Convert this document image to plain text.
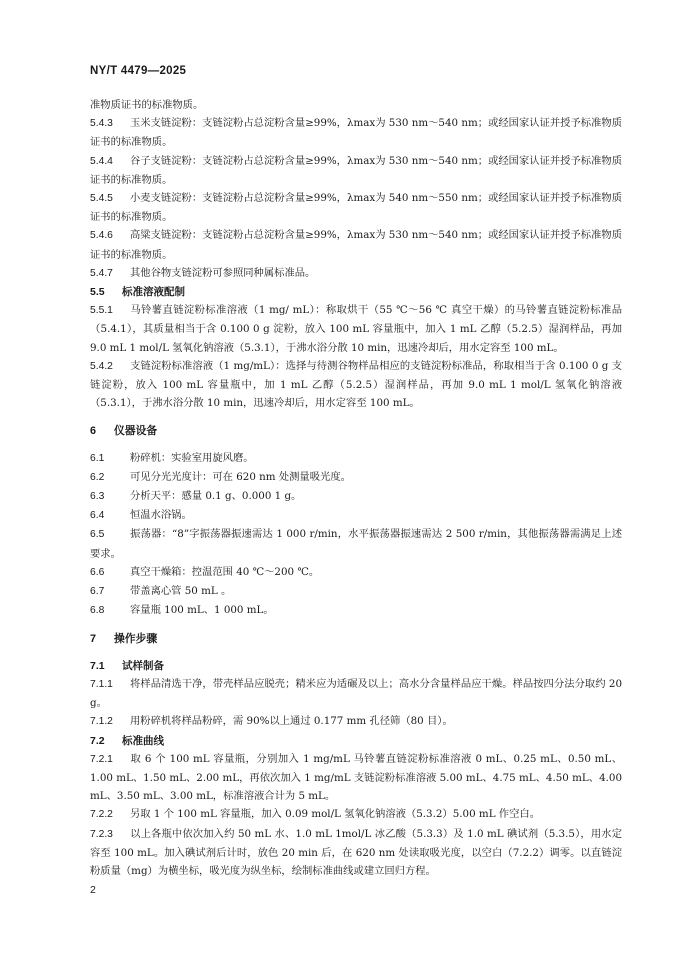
NY/T 4479—2025

准物质证书的标准物质。

5.4.3 玉米支链淀粉：支链淀粉占总淀粉含量≥99%，λmax为 530 nm～540 nm；或经国家认证并授予标准物质证书的标准物质。

5.4.4 谷子支链淀粉：支链淀粉占总淀粉含量≥99%，λmax为 530 nm～540 nm；或经国家认证并授予标准物质证书的标准物质。

5.4.5 小麦支链淀粉：支链淀粉占总淀粉含量≥99%，λmax为 540 nm～550 nm；或经国家认证并授予标准物质证书的标准物质。

5.4.6 高粱支链淀粉：支链淀粉占总淀粉含量≥99%，λmax为 530 nm～540 nm；或经国家认证并授予标准物质证书的标准物质。

5.4.7 其他谷物支链淀粉可参照同种属标准品。

5.5 标准溶液配制

5.5.1 马铃薯直链淀粉标准溶液（1 mg/ mL）：称取烘干（55 ℃～56 ℃ 真空干燥）的马铃薯直链淀粉标准品（5.4.1），其质量相当于含 0.100 0 g 淀粉，放入 100 mL 容量瓶中，加入 1 mL 乙醇（5.2.5）湿润样品，再加 9.0 mL 1 mol/L 氢氧化钠溶液（5.3.1），于沸水浴分散 10 min，迅速冷却后，用水定容至 100 mL。

5.4.2 支链淀粉标准溶液（1 mg/mL）：选择与待测谷物样品相应的支链淀粉标准品，称取相当于含 0.100 0 g 支链淀粉，放入 100 mL 容量瓶中，加 1 mL 乙醇（5.2.5）湿润样品，再加 9.0 mL 1 mol/L 氢氧化钠溶液（5.3.1），于沸水浴分散 10 min，迅速冷却后，用水定容至 100 mL。

6 仪器设备

6.1 粉碎机：实验室用旋风磨。

6.2 可见分光光度计：可在 620 nm 处测量吸光度。

6.3 分析天平：感量 0.1 g、0.000 1 g。

6.4 恒温水浴锅。

6.5 振荡器：“8”字振荡器振速需达 1 000 r/min，水平振荡器振速需达 2 500 r/min，其他振荡器需满足上述要求。

6.6 真空干燥箱：控温范围 40 ℃～200 ℃。

6.7 带盖离心管 50 mL 。

6.8 容量瓶 100 mL、1 000 mL。

7 操作步骤

7.1 试样制备

7.1.1 将样品清选干净，带壳样品应脱壳；精米应为适碾及以上；高水分含量样品应干燥。样品按四分法分取约 20 g。

7.1.2 用粉碎机将样品粉碎，需 90%以上通过 0.177 mm 孔径筛（80 目）。

7.2 标准曲线

7.2.1 取 6 个 100 mL 容量瓶，分别加入 1 mg/mL 马铃薯直链淀粉标准溶液 0 mL、0.25 mL、0.50 mL、1.00 mL、1.50 mL、2.00 mL，再依次加入 1 mg/mL 支链淀粉标准溶液 5.00 mL、4.75 mL、4.50 mL、4.00 mL、3.50 mL、3.00 mL，标准溶液合计为 5 mL。

7.2.2 另取 1 个 100 mL 容量瓶，加入 0.09 mol/L 氢氧化钠溶液（5.3.2）5.00 mL 作空白。

7.2.3 以上各瓶中依次加入约 50 mL 水、1.0 mL 1mol/L 冰乙酸（5.3.3）及 1.0 mL 碘试剂（5.3.5），用水定容至 100 mL。加入碘试剂后计时，放色 20 min 后，在 620 nm 处读取吸光度，以空白（7.2.2）调零。以直链淀粉质量（mg）为横坐标，吸光度为纵坐标，绘制标准曲线或建立回归方程。

2
